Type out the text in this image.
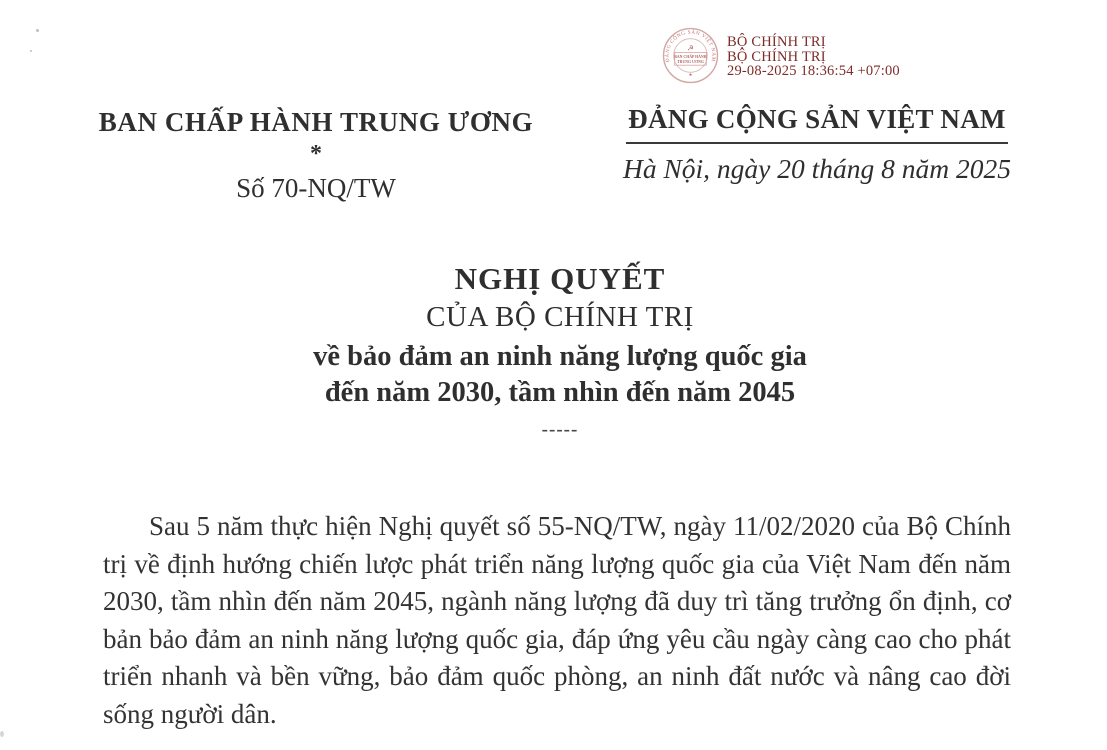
ĐẢNG CỘNG SẢN VIỆT NAM
☭
BAN CHẤP HÀNH
TRUNG ƯƠNG
★
BỘ CHÍNH TRỊ
BỘ CHÍNH TRỊ
29-08-2025 18:36:54 +07:00
BAN CHẤP HÀNH TRUNG ƯƠNG
*
Số 70-NQ/TW
ĐẢNG CỘNG SẢN VIỆT NAM
Hà Nội, ngày 20 tháng 8 năm 2025
NGHỊ QUYẾT
CỦA BỘ CHÍNH TRỊ
về bảo đảm an ninh năng lượng quốc gia
đến năm 2030, tầm nhìn đến năm 2045
-----

Sau 5 năm thực hiện Nghị quyết số 55-NQ/TW, ngày 11/02/2020 của Bộ Chính trị về định hướng chiến lược phát triển năng lượng quốc gia của Việt Nam đến năm 2030, tầm nhìn đến năm 2045, ngành năng lượng đã duy trì tăng trưởng ổn định, cơ bản bảo đảm an ninh năng lượng quốc gia, đáp ứng yêu cầu ngày càng cao cho phát triển nhanh và bền vững, bảo đảm quốc phòng, an ninh đất nước và nâng cao đời sống người dân.
